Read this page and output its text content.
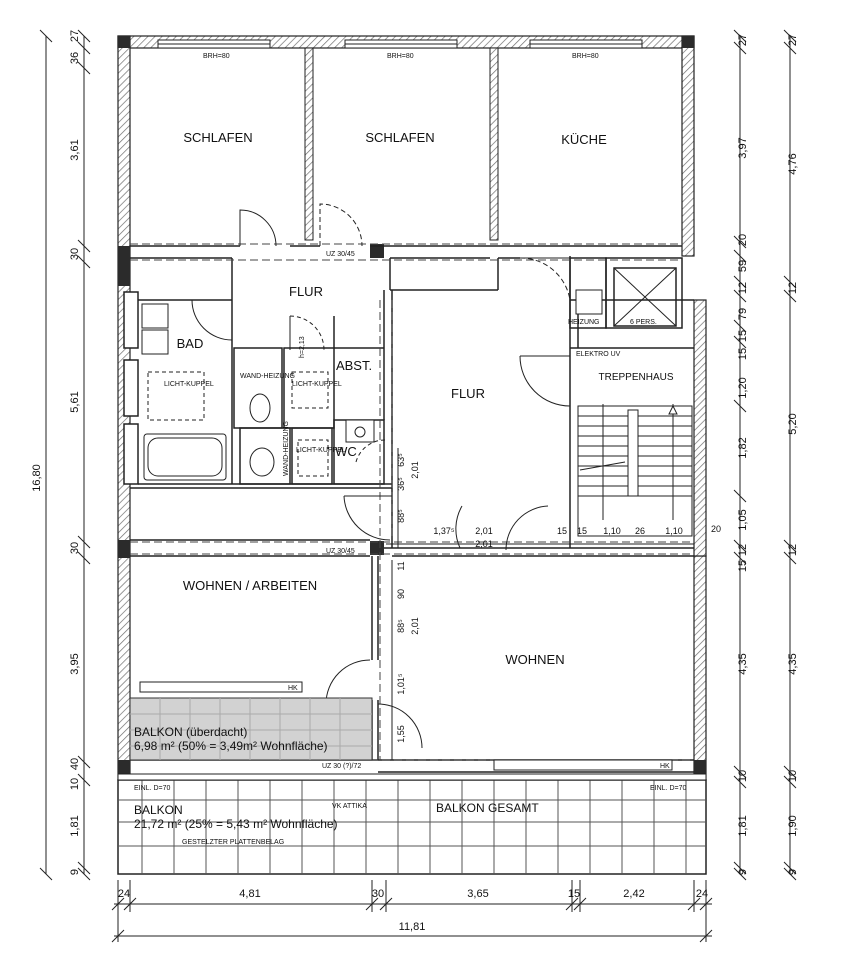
SCHLAFEN	SCHLAFEN	KÜCHE
FLUR
FLUR
BAD
ABST.
WC
TREPPENHAUS
WOHNEN / ARBEITEN
WOHNEN
BRH=80	BRH=80	BRH=80
UZ 30/45
UZ 30/45
UZ 30 (?)/72
HEIZUNG	6 PERS.
ELEKTRO UV
LICHT-KUPPEL	LICHT-KUPPEL
LICHT-KUPPEL
WAND-HEIZUNG
WAND-HEIZUNG
h=2,13
HK
HK
EINL. D=70	EINL. D=70
VK ATTIKA
GESTELZTER PLATTENBELAG
BALKON (überdacht)
6,98 m² (50% = 3,49m² Wohnfläche)
BALKON
21,72 m² (25% = 5,43 m² Wohnfläche)
BALKON GESAMT
16,80
3,61
5,61
3,95
1,81
36
27
30
30
10
40
9
27
3,97
20
59
12
79
15
15
1,20
1,82
1,05
12
15
4,35
10
1,81
9
27
4,76
12
5,20
12
4,35
10
1,90
9
24	4,81	30	3,65	15	2,42	24
11,81
2,01
63⁵
36⁵
88⁵
1,37⁵ 2,01
2,01
15 15 1,10 26 1,10	20
11
90
88⁵ 2,01
1,01⁵
1,55
